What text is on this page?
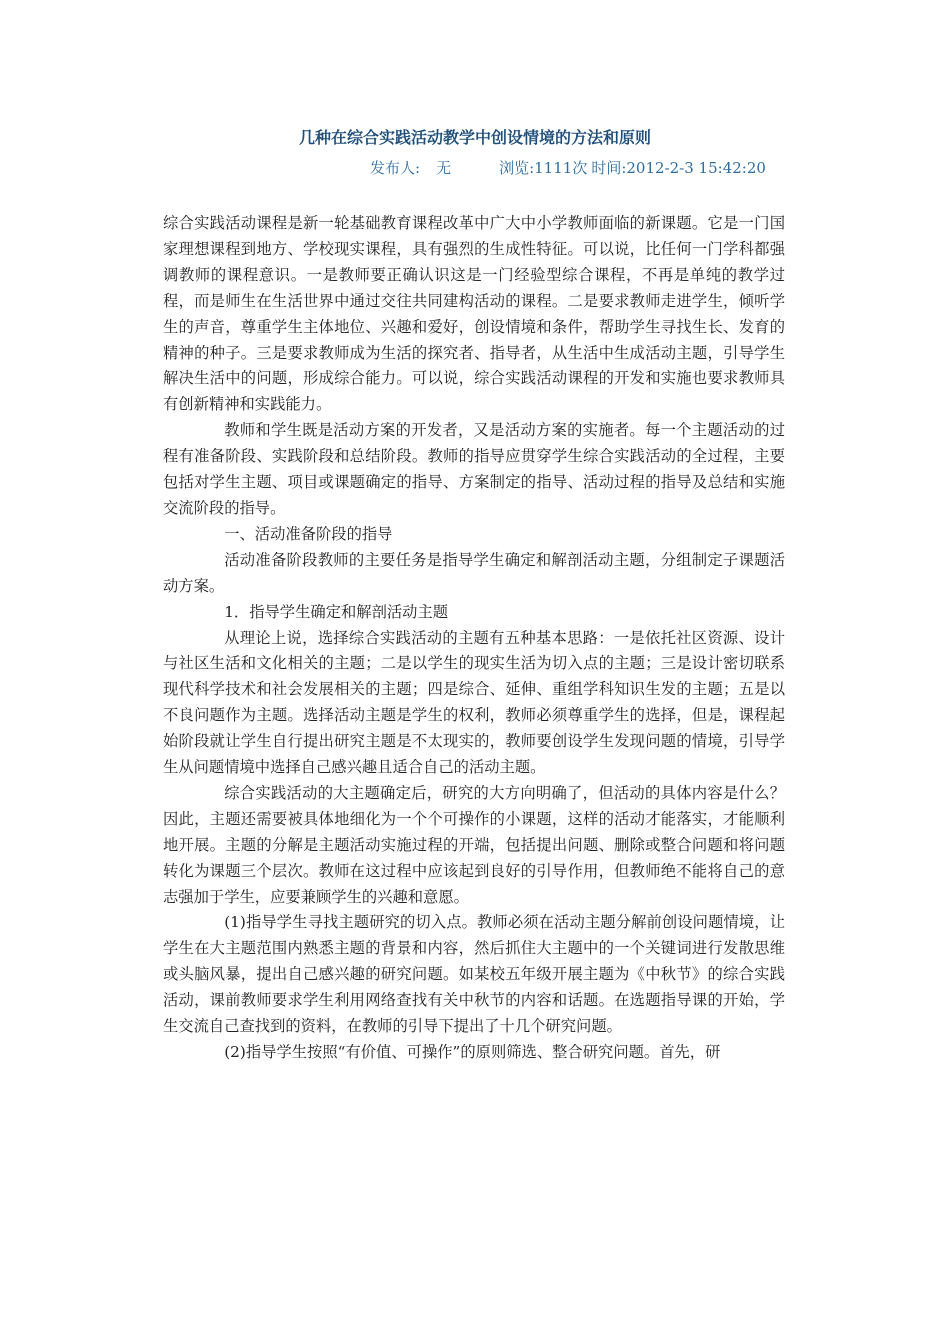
几种在综合实践活动教学中创设情境的方法和原则
发布人: 无	浏览:1111次 时间:2012-2-3 15:42:20

综合实践活动课程是新一轮基础教育课程改革中广大中小学教师面临的新课题。它是一门国家理想课程到地方、学校现实课程，具有强烈的生成性特征。可以说，比任何一门学科都强调教师的课程意识。一是教师要正确认识这是一门经验型综合课程，不再是单纯的教学过程，而是师生在生活世界中通过交往共同建构活动的课程。二是要求教师走进学生，倾听学生的声音，尊重学生主体地位、兴趣和爱好，创设情境和条件，帮助学生寻找生长、发育的精神的种子。三是要求教师成为生活的探究者、指导者，从生活中生成活动主题，引导学生解决生活中的问题，形成综合能力。可以说，综合实践活动课程的开发和实施也要求教师具有创新精神和实践能力。

教师和学生既是活动方案的开发者，又是活动方案的实施者。每一个主题活动的过程有准备阶段、实践阶段和总结阶段。教师的指导应贯穿学生综合实践活动的全过程，主要包括对学生主题、项目或课题确定的指导、方案制定的指导、活动过程的指导及总结和实施交流阶段的指导。

一、活动准备阶段的指导

活动准备阶段教师的主要任务是指导学生确定和解剖活动主题，分组制定子课题活动方案。

1．指导学生确定和解剖活动主题

从理论上说，选择综合实践活动的主题有五种基本思路：一是依托社区资源、设计与社区生活和文化相关的主题；二是以学生的现实生活为切入点的主题；三是设计密切联系现代科学技术和社会发展相关的主题；四是综合、延伸、重组学科知识生发的主题；五是以不良问题作为主题。选择活动主题是学生的权利，教师必须尊重学生的选择，但是，课程起始阶段就让学生自行提出研究主题是不太现实的，教师要创设学生发现问题的情境，引导学生从问题情境中选择自己感兴趣且适合自己的活动主题。

综合实践活动的大主题确定后，研究的大方向明确了，但活动的具体内容是什么？因此，主题还需要被具体地细化为一个个可操作的小课题，这样的活动才能落实，才能顺利地开展。主题的分解是主题活动实施过程的开端，包括提出问题、删除或整合问题和将问题转化为课题三个层次。教师在这过程中应该起到良好的引导作用，但教师绝不能将自己的意志强加于学生，应要兼顾学生的兴趣和意愿。

(1)指导学生寻找主题研究的切入点。教师必须在活动主题分解前创设问题情境，让学生在大主题范围内熟悉主题的背景和内容，然后抓住大主题中的一个关键词进行发散思维或头脑风暴，提出自己感兴趣的研究问题。如某校五年级开展主题为《中秋节》的综合实践活动，课前教师要求学生利用网络查找有关中秋节的内容和话题。在选题指导课的开始，学生交流自己查找到的资料，在教师的引导下提出了十几个研究问题。

(2)指导学生按照“有价值、可操作”的原则筛选、整合研究问题。首先，研
